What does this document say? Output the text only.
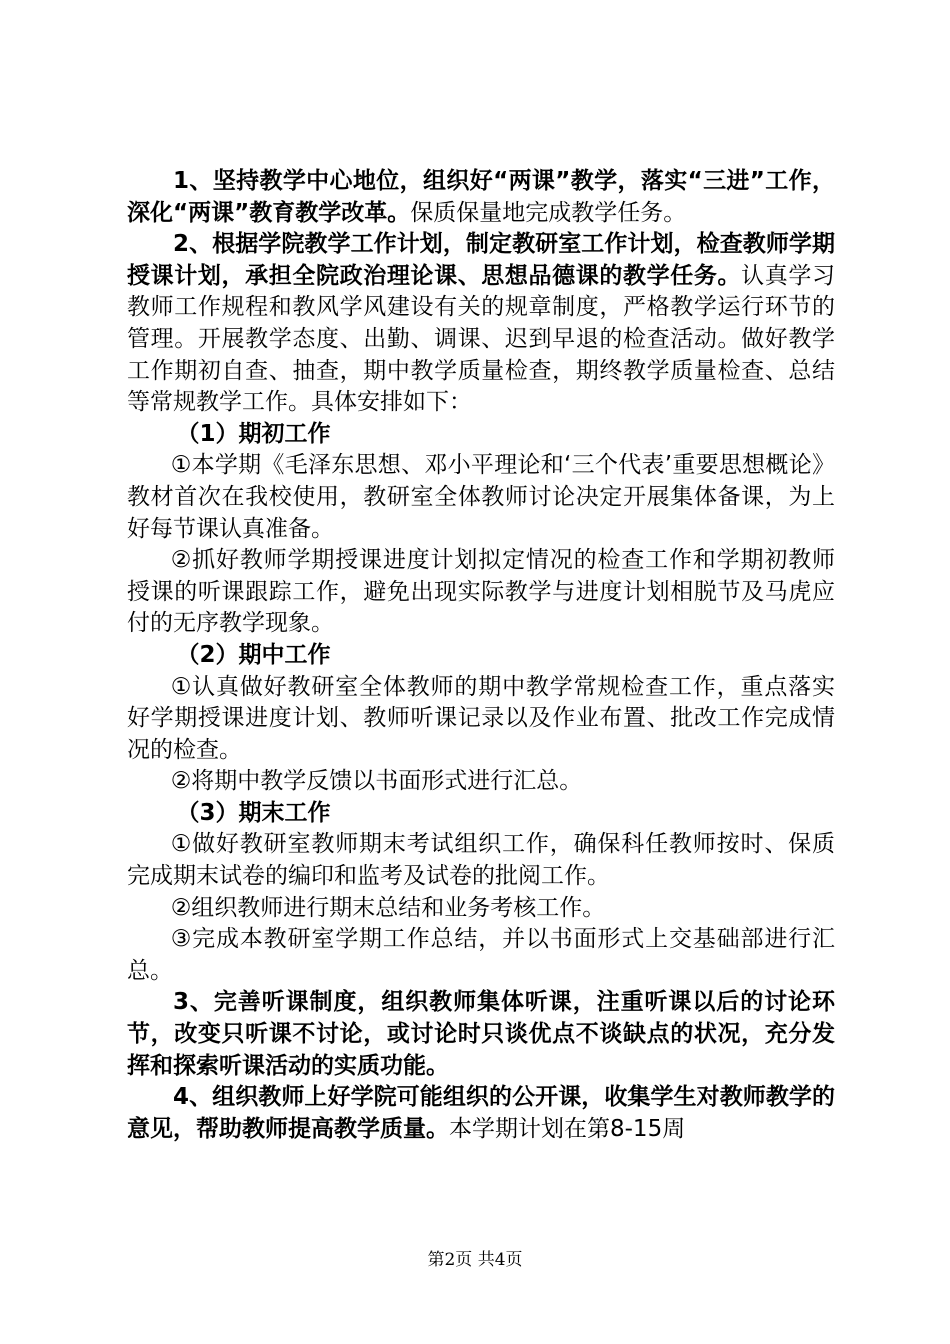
1、坚持教学中心地位，组织好“两课”教学，落实“三进”工作，深化“两课”教育教学改革。保质保量地完成教学任务。

2、根据学院教学工作计划，制定教研室工作计划，检查教师学期授课计划，承担全院政治理论课、思想品德课的教学任务。认真学习教师工作规程和教风学风建设有关的规章制度，严格教学运行环节的管理。开展教学态度、出勤、调课、迟到早退的检查活动。做好教学工作期初自查、抽查，期中教学质量检查，期终教学质量检查、总结等常规教学工作。具体安排如下：

（1）期初工作

①本学期《毛泽东思想、邓小平理论和‘三个代表’重要思想概论》教材首次在我校使用，教研室全体教师讨论决定开展集体备课，为上好每节课认真准备。

②抓好教师学期授课进度计划拟定情况的检查工作和学期初教师授课的听课跟踪工作，避免出现实际教学与进度计划相脱节及马虎应付的无序教学现象。

（2）期中工作

①认真做好教研室全体教师的期中教学常规检查工作，重点落实好学期授课进度计划、教师听课记录以及作业布置、批改工作完成情况的检查。

②将期中教学反馈以书面形式进行汇总。

（3）期末工作

①做好教研室教师期末考试组织工作，确保科任教师按时、保质完成期末试卷的编印和监考及试卷的批阅工作。

②组织教师进行期末总结和业务考核工作。

③完成本教研室学期工作总结，并以书面形式上交基础部进行汇总。

3、完善听课制度，组织教师集体听课，注重听课以后的讨论环节，改变只听课不讨论，或讨论时只谈优点不谈缺点的状况，充分发挥和探索听课活动的实质功能。

4、组织教师上好学院可能组织的公开课，收集学生对教师教学的意见，帮助教师提高教学质量。本学期计划在第8-15周

第2页 共4页
